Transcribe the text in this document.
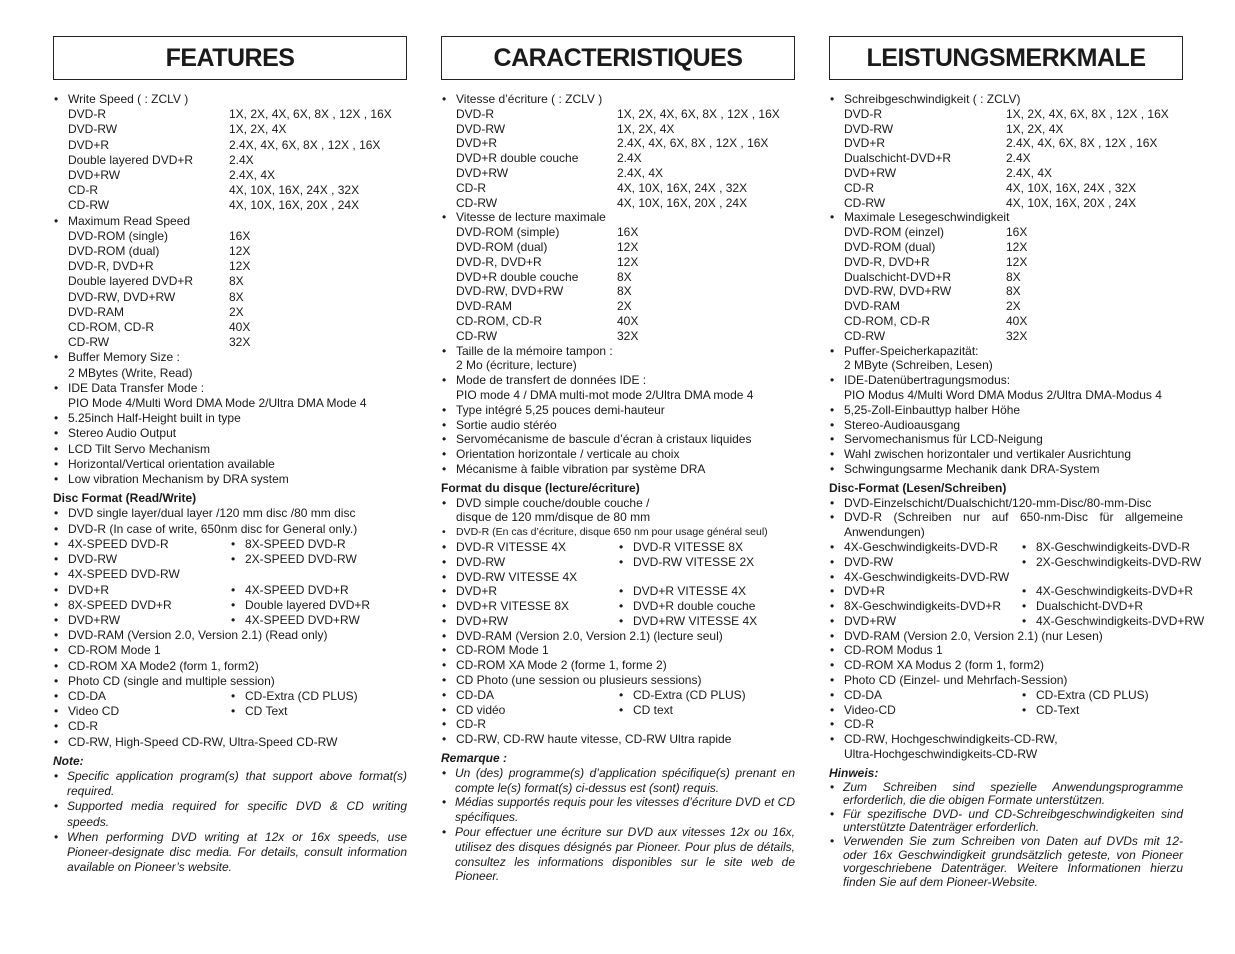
FEATURES
• Write Speed ( : ZCLV )
DVD-R	1X, 2X, 4X, 6X, 8X , 12X , 16X
DVD-RW	1X, 2X, 4X
DVD+R	2.4X, 4X, 6X, 8X , 12X , 16X
Double layered DVD+R	2.4X
DVD+RW	2.4X, 4X
CD-R	4X, 10X, 16X, 24X , 32X
CD-RW	4X, 10X, 16X, 20X , 24X
• Maximum Read Speed
DVD-ROM (single)	16X
DVD-ROM (dual)	12X
DVD-R, DVD+R	12X
Double layered DVD+R	8X
DVD-RW, DVD+RW	8X
DVD-RAM	2X
CD-ROM, CD-R	40X
CD-RW	32X
• Buffer Memory Size :
2 MBytes (Write, Read)
• IDE Data Transfer Mode :
PIO Mode 4/Multi Word DMA Mode 2/Ultra DMA Mode 4
• 5.25inch Half-Height built in type
• Stereo Audio Output
• LCD Tilt Servo Mechanism
• Horizontal/Vertical orientation available
• Low vibration Mechanism by DRA system
Disc Format (Read/Write)
• DVD single layer/dual layer /120 mm disc /80 mm disc
• DVD-R (In case of write, 650nm disc for General only.)
• 4X-SPEED DVD-R	• 8X-SPEED DVD-R
• DVD-RW	• 2X-SPEED DVD-RW
• 4X-SPEED DVD-RW
• DVD+R	• 4X-SPEED DVD+R
• 8X-SPEED DVD+R	• Double layered DVD+R
• DVD+RW	• 4X-SPEED DVD+RW
• DVD-RAM (Version 2.0, Version 2.1) (Read only)
• CD-ROM Mode 1
• CD-ROM XA Mode2 (form 1, form2)
• Photo CD (single and multiple session)
• CD-DA	• CD-Extra (CD PLUS)
• Video CD	• CD Text
• CD-R
• CD-RW, High-Speed CD-RW, Ultra-Speed CD-RW
Note:
• Specific application program(s) that support above format(s) required.
• Supported media required for specific DVD & CD writing speeds.
• When performing DVD writing at 12x or 16x speeds, use Pioneer-designate disc media. For details, consult information available on Pioneer’s website.
CARACTERISTIQUES
• Vitesse d’écriture ( : ZCLV )
DVD-R	1X, 2X, 4X, 6X, 8X , 12X , 16X
DVD-RW	1X, 2X, 4X
DVD+R	2.4X, 4X, 6X, 8X , 12X , 16X
DVD+R double couche	2.4X
DVD+RW	2.4X, 4X
CD-R	4X, 10X, 16X, 24X , 32X
CD-RW	4X, 10X, 16X, 20X , 24X
• Vitesse de lecture maximale
DVD-ROM (simple)	16X
DVD-ROM (dual)	12X
DVD-R, DVD+R	12X
DVD+R double couche	8X
DVD-RW, DVD+RW	8X
DVD-RAM	2X
CD-ROM, CD-R	40X
CD-RW	32X
• Taille de la mémoire tampon :
2 Mo (écriture, lecture)
• Mode de transfert de données IDE :
PIO mode 4 / DMA multi-mot mode 2/Ultra DMA mode 4
• Type intégré 5,25 pouces demi-hauteur
• Sortie audio stéréo
• Servomécanisme de bascule d’écran à cristaux liquides
• Orientation horizontale / verticale au choix
• Mécanisme à faible vibration par système DRA
Format du disque (lecture/écriture)
• DVD simple couche/double couche /
disque de 120 mm/disque de 80 mm
• DVD-R (En cas d’écriture, disque 650 nm pour usage général seul)
• DVD-R VITESSE 4X	• DVD-R VITESSE 8X
• DVD-RW	• DVD-RW VITESSE 2X
• DVD-RW VITESSE 4X
• DVD+R	• DVD+R VITESSE 4X
• DVD+R VITESSE 8X	• DVD+R double couche
• DVD+RW	• DVD+RW VITESSE 4X
• DVD-RAM (Version 2.0, Version 2.1) (lecture seul)
• CD-ROM Mode 1
• CD-ROM XA Mode 2 (forme 1, forme 2)
• CD Photo (une session ou plusieurs sessions)
• CD-DA	• CD-Extra (CD PLUS)
• CD vidéo	• CD text
• CD-R
• CD-RW, CD-RW haute vitesse, CD-RW Ultra rapide
Remarque :
• Un (des) programme(s) d’application spécifique(s) prenant en compte le(s) format(s) ci-dessus est (sont) requis.
• Médias supportés requis pour les vitesses d’écriture DVD et CD spécifiques.
• Pour effectuer une écriture sur DVD aux vitesses 12x ou 16x, utilisez des disques désignés par Pioneer. Pour plus de détails, consultez les informations disponibles sur le site web de Pioneer.
LEISTUNGSMERKMALE
• Schreibgeschwindigkeit ( : ZCLV)
DVD-R	1X, 2X, 4X, 6X, 8X , 12X , 16X
DVD-RW	1X, 2X, 4X
DVD+R	2.4X, 4X, 6X, 8X , 12X , 16X
Dualschicht-DVD+R	2.4X
DVD+RW	2.4X, 4X
CD-R	4X, 10X, 16X, 24X , 32X
CD-RW	4X, 10X, 16X, 20X , 24X
• Maximale Lesegeschwindigkeit
DVD-ROM (einzel)	16X
DVD-ROM (dual)	12X
DVD-R, DVD+R	12X
Dualschicht-DVD+R	8X
DVD-RW, DVD+RW	8X
DVD-RAM	2X
CD-ROM, CD-R	40X
CD-RW	32X
• Puffer-Speicherkapazität:
2 MByte (Schreiben, Lesen)
• IDE-Datenübertragungsmodus:
PIO Modus 4/Multi Word DMA Modus 2/Ultra DMA-Modus 4
• 5,25-Zoll-Einbauttyp halber Höhe
• Stereo-Audioausgang
• Servomechanismus für LCD-Neigung
• Wahl zwischen horizontaler und vertikaler Ausrichtung
• Schwingungsarme Mechanik dank DRA-System
Disc-Format (Lesen/Schreiben)
• DVD-Einzelschicht/Dualschicht/120-mm-Disc/80-mm-Disc
• DVD-R (Schreiben nur auf 650-nm-Disc für allgemeine Anwendungen)
• 4X-Geschwindigkeits-DVD-R	• 8X-Geschwindigkeits-DVD-R
• DVD-RW	• 2X-Geschwindigkeits-DVD-RW
• 4X-Geschwindigkeits-DVD-RW
• DVD+R	• 4X-Geschwindigkeits-DVD+R
• 8X-Geschwindigkeits-DVD+R	• Dualschicht-DVD+R
• DVD+RW	• 4X-Geschwindigkeits-DVD+RW
• DVD-RAM (Version 2.0, Version 2.1) (nur Lesen)
• CD-ROM Modus 1
• CD-ROM XA Modus 2 (form 1, form2)
• Photo CD (Einzel- und Mehrfach-Session)
• CD-DA	• CD-Extra (CD PLUS)
• Video-CD	• CD-Text
• CD-R
• CD-RW, Hochgeschwindigkeits-CD-RW,
Ultra-Hochgeschwindigkeits-CD-RW
Hinweis:
• Zum Schreiben sind spezielle Anwendungsprogramme erforderlich, die die obigen Formate unterstützen.
• Für spezifische DVD- und CD-Schreibgeschwindigkeiten sind unterstützte Datenträger erforderlich.
• Verwenden Sie zum Schreiben von Daten auf DVDs mit 12- oder 16x Geschwindigkeit grundsätzlich geteste, von Pioneer vorgeschriebene Datenträger. Weitere Informationen hierzu finden Sie auf dem Pioneer-Website.
